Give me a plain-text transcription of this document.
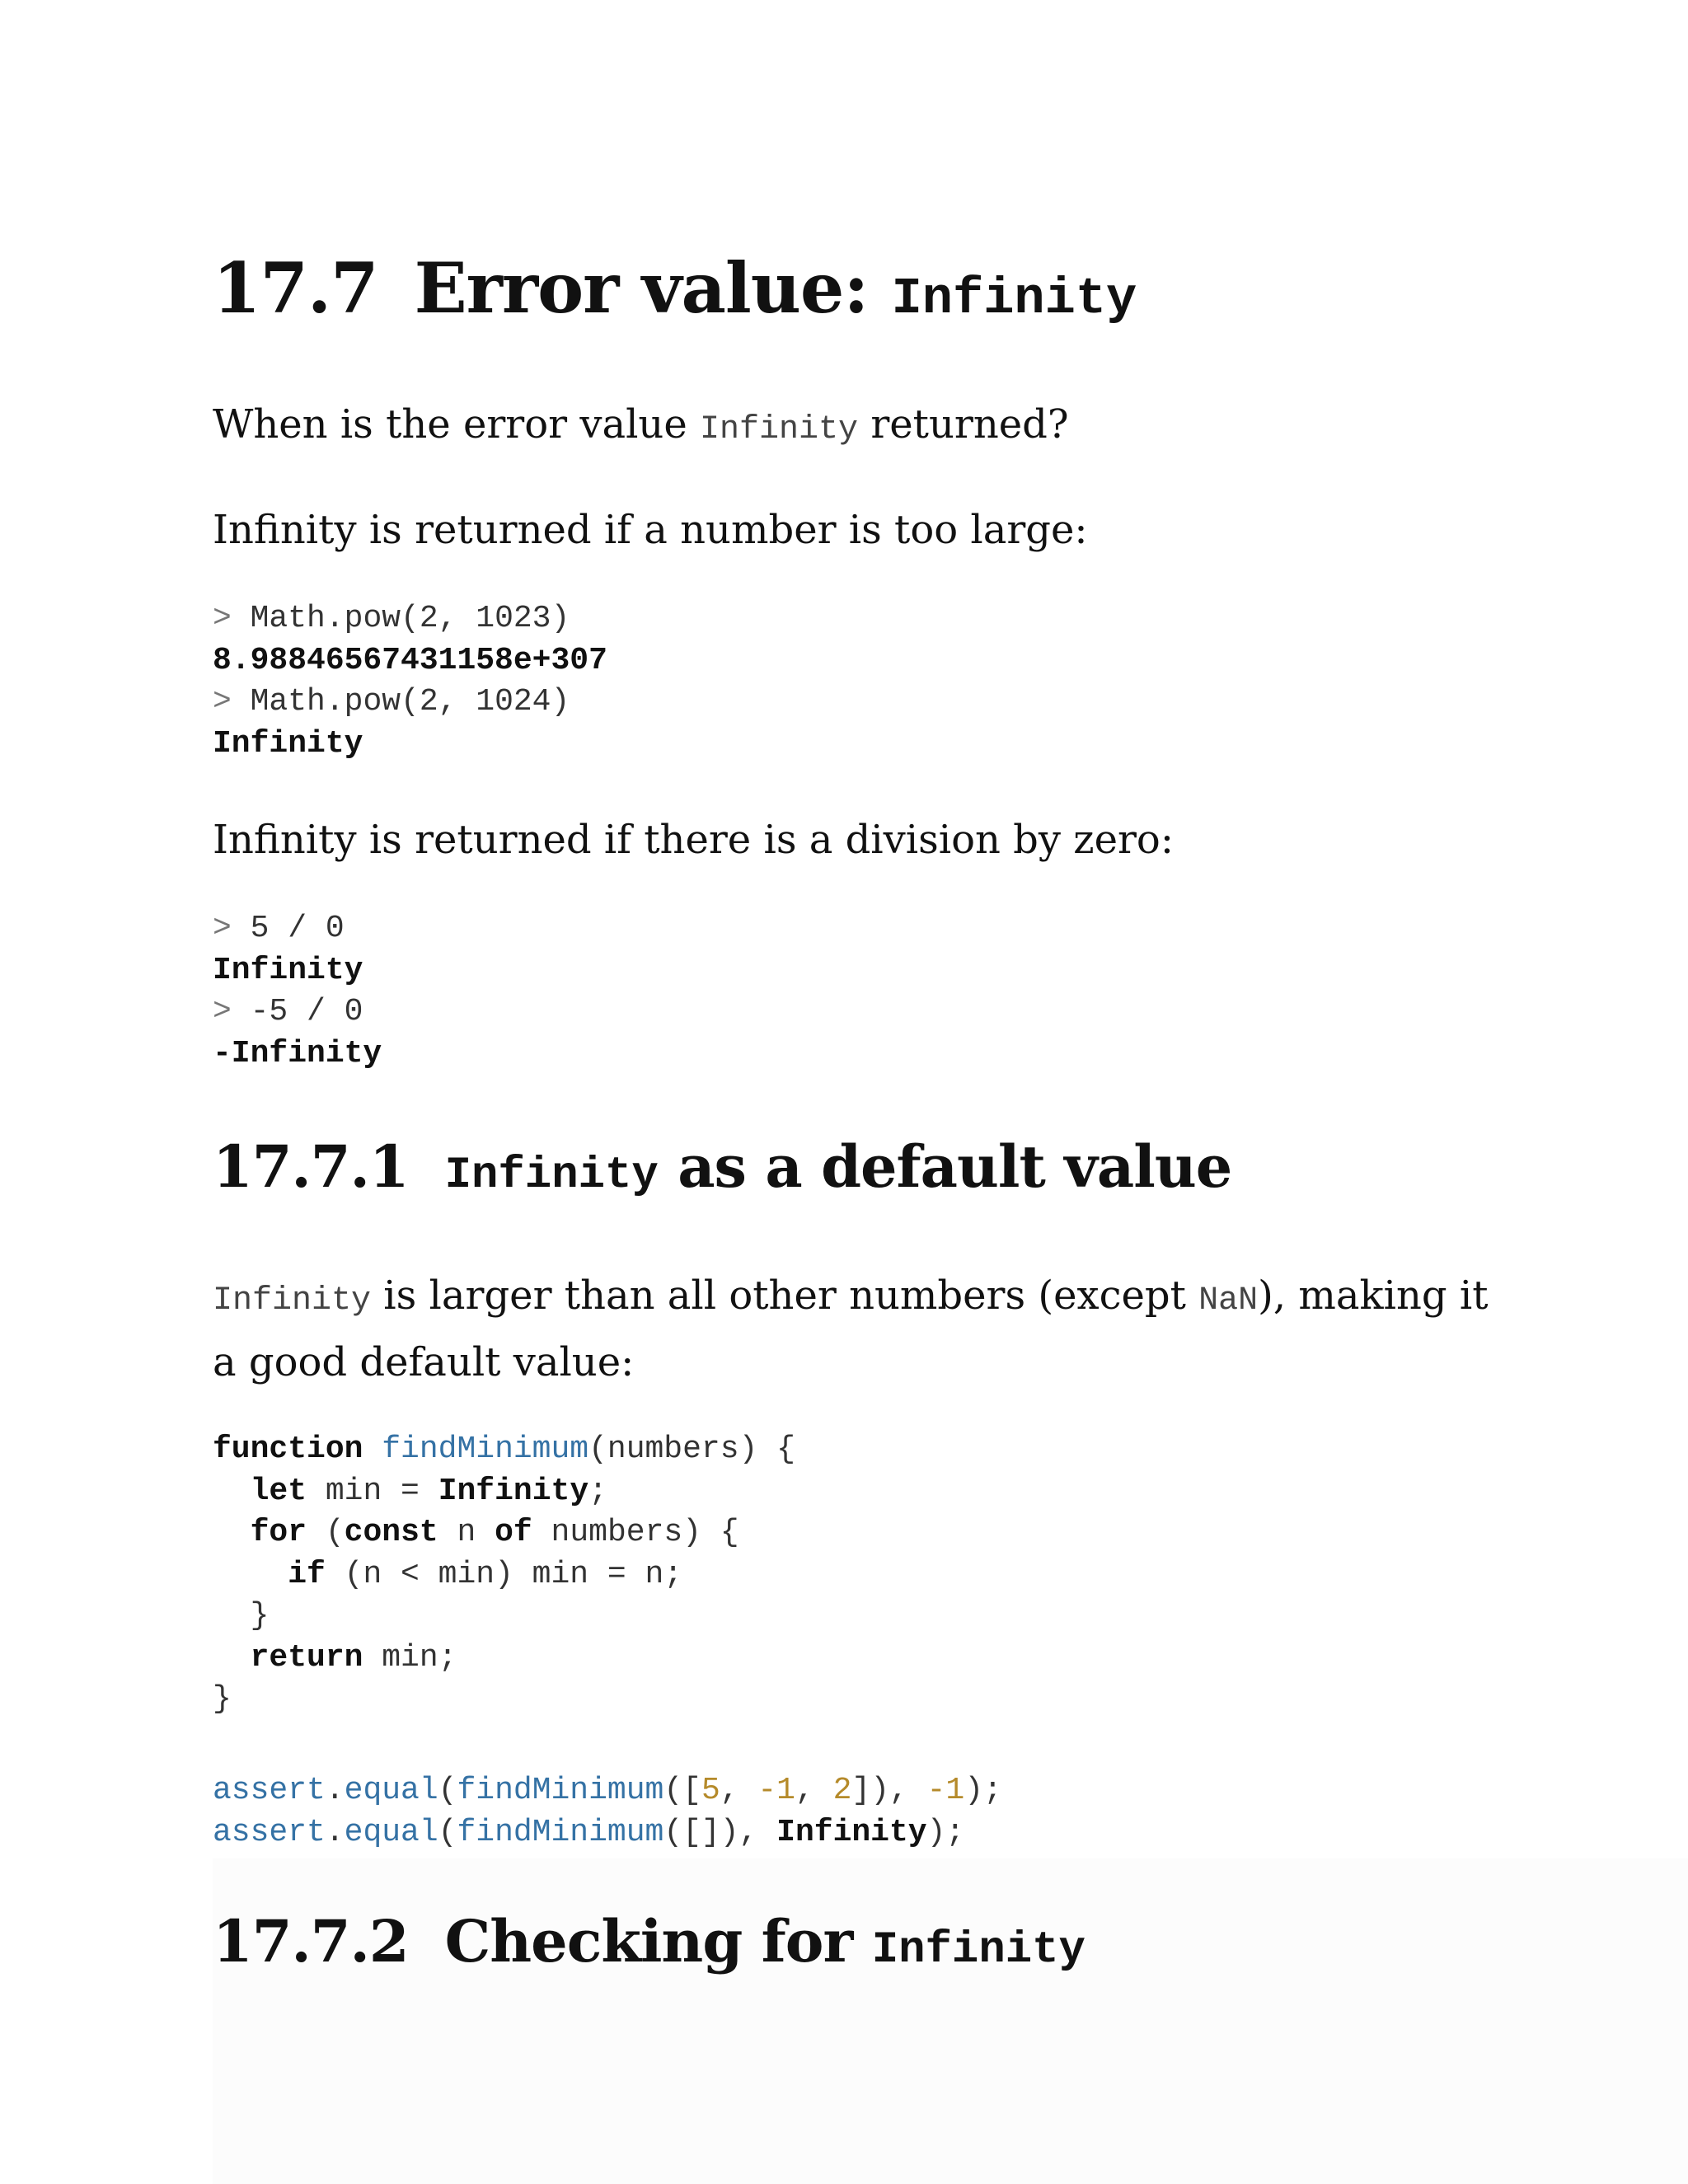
17.7 Error value: Infinity
When is the error value Infinity returned?
Infinity is returned if a number is too large:
> Math.pow(2, 1023)
8.98846567431158e+307
> Math.pow(2, 1024)
Infinity
Infinity is returned if there is a division by zero:
> 5 / 0
Infinity
> -5 / 0
-Infinity
17.7.1 Infinity as a default value
Infinity is larger than all other numbers (except NaN), making it a good default value:
function findMinimum(numbers) {
let min = Infinity;
for (const n of numbers) {
if (n < min) min = n;
}
return min;
}
assert.equal(findMinimum([5, -1, 2]), -1);
assert.equal(findMinimum([]), Infinity);
17.7.2 Checking for Infinity
